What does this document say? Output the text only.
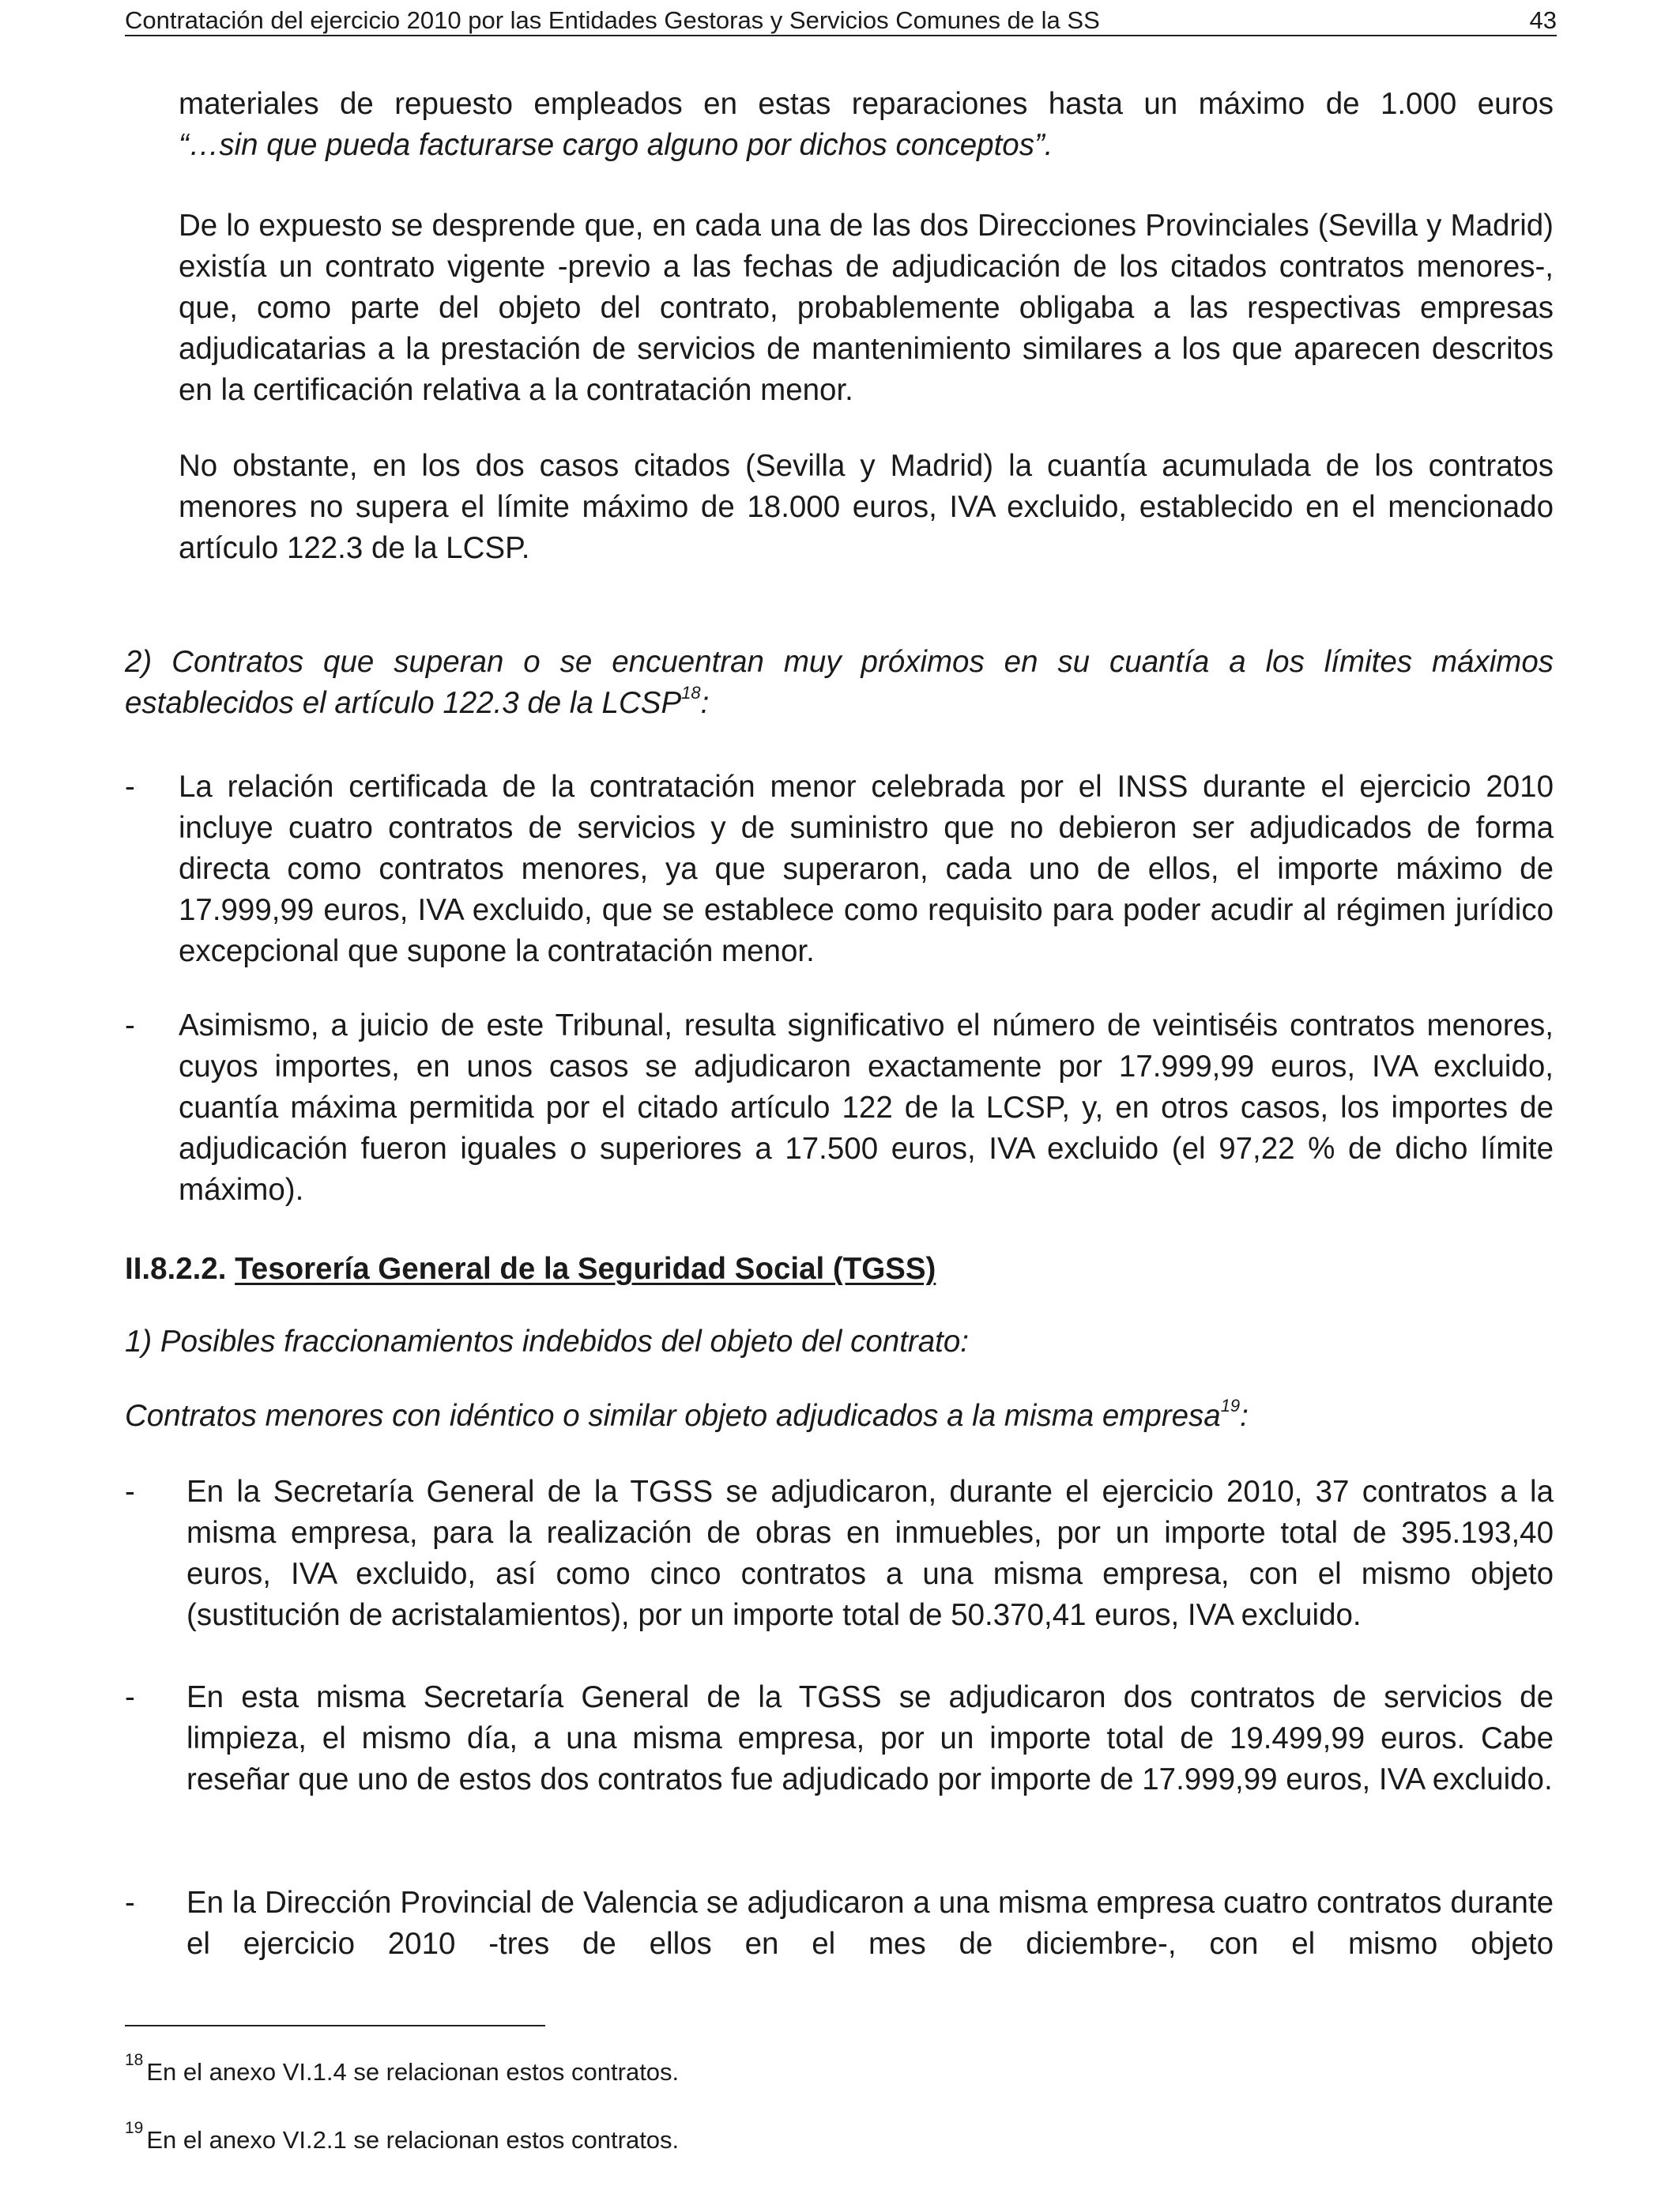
Contratación del ejercicio 2010 por las Entidades Gestoras y Servicios Comunes de la SS	43
materiales de repuesto empleados en estas reparaciones hasta un máximo de 1.000 euros
“…sin que pueda facturarse cargo alguno por dichos conceptos”.
De lo expuesto se desprende que, en cada una de las dos Direcciones Provinciales (Sevilla y Madrid) existía un contrato vigente -previo a las fechas de adjudicación de los citados contratos menores-, que, como parte del objeto del contrato, probablemente obligaba a las respectivas empresas adjudicatarias a la prestación de servicios de mantenimiento similares a los que aparecen descritos en la certificación relativa a la contratación menor.
No obstante, en los dos casos citados (Sevilla y Madrid) la cuantía acumulada de los contratos menores no supera el límite máximo de 18.000 euros, IVA excluido, establecido en el mencionado artículo 122.3 de la LCSP.
2) Contratos que superan o se encuentran muy próximos en su cuantía a los límites máximos establecidos el artículo 122.3 de la LCSP$^{18}$:
- La relación certificada de la contratación menor celebrada por el INSS durante el ejercicio 2010 incluye cuatro contratos de servicios y de suministro que no debieron ser adjudicados de forma directa como contratos menores, ya que superaron, cada uno de ellos, el importe máximo de 17.999,99 euros, IVA excluido, que se establece como requisito para poder acudir al régimen jurídico excepcional que supone la contratación menor.
- Asimismo, a juicio de este Tribunal, resulta significativo el número de veintiséis contratos menores, cuyos importes, en unos casos se adjudicaron exactamente por 17.999,99 euros, IVA excluido, cuantía máxima permitida por el citado artículo 122 de la LCSP, y, en otros casos, los importes de adjudicación fueron iguales o superiores a 17.500 euros, IVA excluido (el 97,22 % de dicho límite máximo).
II.8.2.2. Tesorería General de la Seguridad Social (TGSS)
1) Posibles fraccionamientos indebidos del objeto del contrato:
Contratos menores con idéntico o similar objeto adjudicados a la misma empresa$^{19}$:
- En la Secretaría General de la TGSS se adjudicaron, durante el ejercicio 2010, 37 contratos a la misma empresa, para la realización de obras en inmuebles, por un importe total de 395.193,40 euros, IVA excluido, así como cinco contratos a una misma empresa, con el mismo objeto (sustitución de acristalamientos), por un importe total de 50.370,41 euros, IVA excluido.
- En esta misma Secretaría General de la TGSS se adjudicaron dos contratos de servicios de limpieza, el mismo día, a una misma empresa, por un importe total de 19.499,99 euros. Cabe reseñar que uno de estos dos contratos fue adjudicado por importe de 17.999,99 euros, IVA excluido.
- En la Dirección Provincial de Valencia se adjudicaron a una misma empresa cuatro contratos durante el ejercicio 2010 -tres de ellos en el mes de diciembre-, con el mismo objeto
$^{18}$ En el anexo VI.1.4 se relacionan estos contratos.
$^{19}$ En el anexo VI.2.1 se relacionan estos contratos.
